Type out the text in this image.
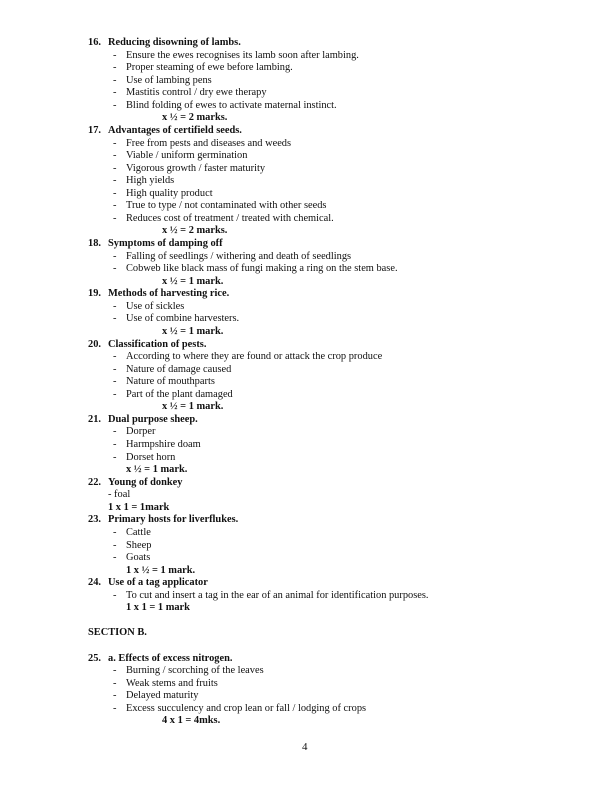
16. Reducing disowning of lambs.
- Ensure the ewes recognises its lamb soon after lambing.
- Proper steaming of ewe before lambing.
- Use of lambing pens
- Mastitis control / dry ewe therapy
- Blind folding of ewes to activate maternal instinct.
x ½ = 2 marks.
17. Advantages of certifield seeds.
- Free from pests and diseases and weeds
- Viable / uniform germination
- Vigorous growth / faster maturity
- High yields
- High quality product
- True to type / not contaminated with other seeds
- Reduces cost of treatment / treated with chemical.
x ½ = 2 marks.
18. Symptoms of damping off
- Falling of seedlings / withering and death of seedlings
- Cobweb like black mass of fungi making a ring on the stem base.
x ½ = 1 mark.
19. Methods of harvesting rice.
- Use of sickles
- Use of combine harvesters.
x ½ = 1 mark.
20. Classification of pests.
- According to where they are found or attack the crop produce
- Nature of damage caused
- Nature of mouthparts
- Part of the plant damaged
x ½ = 1 mark.
21. Dual purpose sheep.
- Dorper
- Harmpshire doam
- Dorset horn
x ½ = 1 mark.
22. Young of donkey
- foal
1 x 1 = 1mark
23. Primary hosts for liverflukes.
- Cattle
- Sheep
- Goats
1 x ½ = 1 mark.
24. Use of a tag applicator
- To cut and insert a tag in the ear of an animal for identification purposes.
1 x 1 = 1 mark
SECTION B.
25. a. Effects of excess nitrogen.
- Burning / scorching of the leaves
- Weak stems and fruits
- Delayed maturity
- Excess succulency and crop lean or fall / lodging of crops
4 x 1 = 4mks.
4
